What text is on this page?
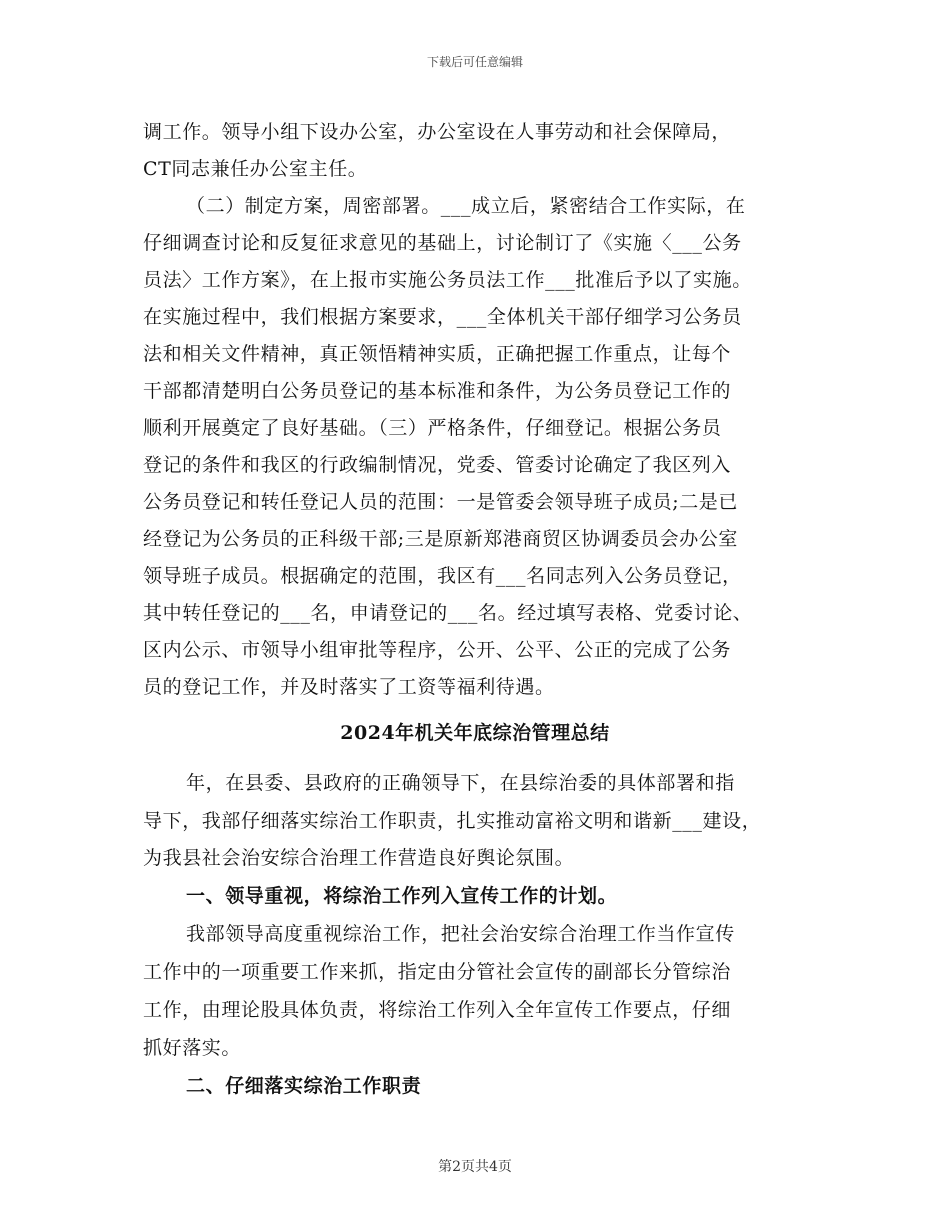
下载后可任意编辑
调工作。领导小组下设办公室，办公室设在人事劳动和社会保障局，
CT同志兼任办公室主任。
（二）制定方案，周密部署。___成立后，紧密结合工作实际，在
仔细调查讨论和反复征求意见的基础上，讨论制订了《实施〈___公务
员法〉工作方案》，在上报市实施公务员法工作___批准后予以了实施。
在实施过程中，我们根据方案要求，___全体机关干部仔细学习公务员
法和相关文件精神，真正领悟精神实质，正确把握工作重点，让每个
干部都清楚明白公务员登记的基本标准和条件，为公务员登记工作的
顺利开展奠定了良好基础。（三）严格条件，仔细登记。根据公务员
登记的条件和我区的行政编制情况，党委、管委讨论确定了我区列入
公务员登记和转任登记人员的范围：一是管委会领导班子成员;二是已
经登记为公务员的正科级干部;三是原新郑港商贸区协调委员会办公室
领导班子成员。根据确定的范围，我区有___名同志列入公务员登记，
其中转任登记的___名，申请登记的___名。经过填写表格、党委讨论、
区内公示、市领导小组审批等程序，公开、公平、公正的完成了公务
员的登记工作，并及时落实了工资等福利待遇。
2024年机关年底综治管理总结
年，在县委、县政府的正确领导下，在县综治委的具体部署和指
导下，我部仔细落实综治工作职责，扎实推动富裕文明和谐新___建设，
为我县社会治安综合治理工作营造良好舆论氛围。
一、领导重视，将综治工作列入宣传工作的计划。
我部领导高度重视综治工作，把社会治安综合治理工作当作宣传
工作中的一项重要工作来抓，指定由分管社会宣传的副部长分管综治
工作，由理论股具体负责，将综治工作列入全年宣传工作要点，仔细
抓好落实。
二、仔细落实综治工作职责
第2页共4页
